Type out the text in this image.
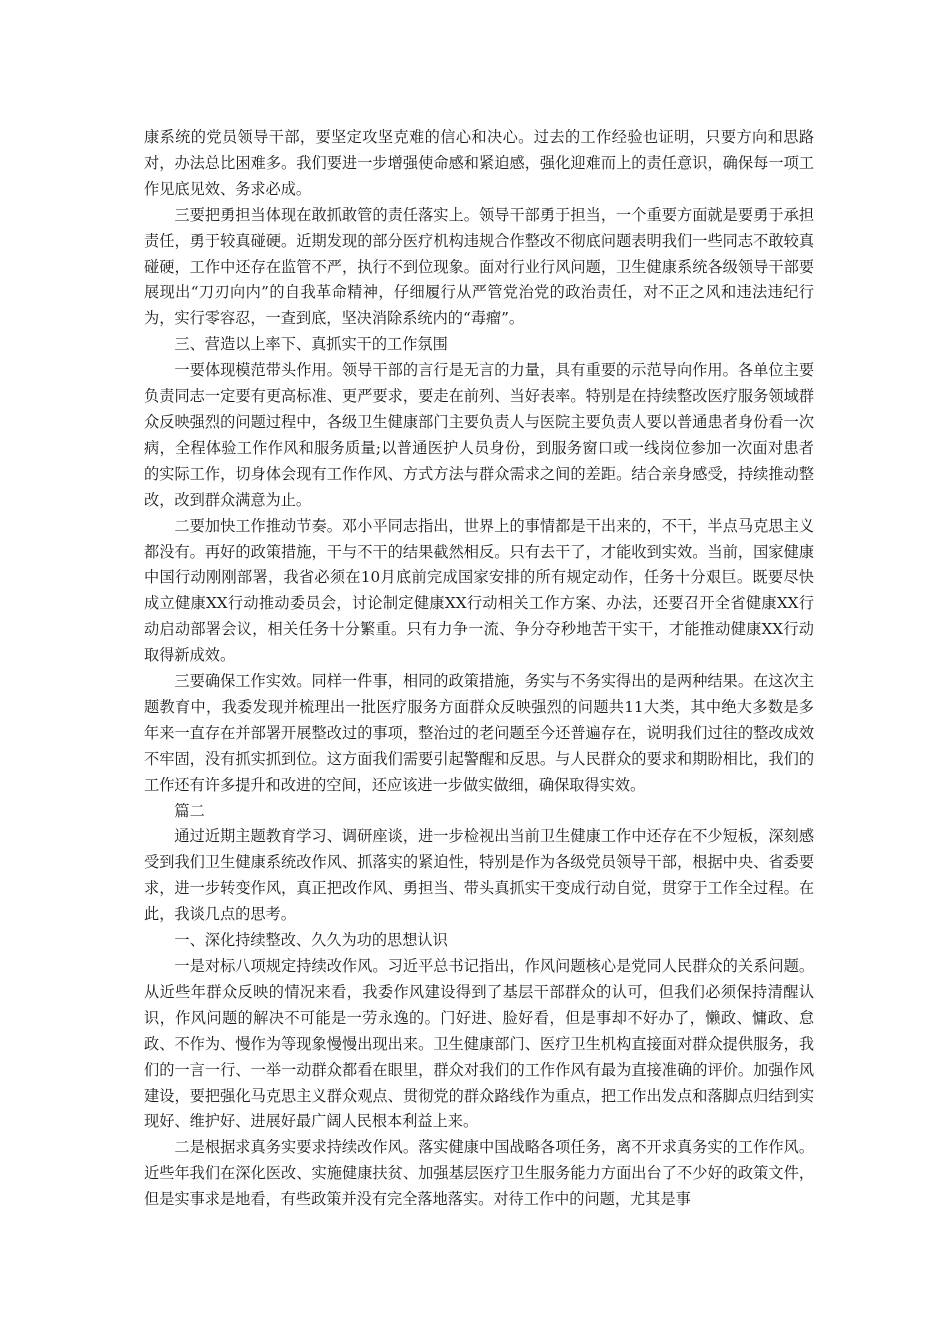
康系统的党员领导干部，要坚定攻坚克难的信心和决心。过去的工作经验也证明，只要方向和思路对，办法总比困难多。我们要进一步增强使命感和紧迫感，强化迎难而上的责任意识，确保每一项工作见底见效、务求必成。

三要把勇担当体现在敢抓敢管的责任落实上。领导干部勇于担当，一个重要方面就是要勇于承担责任，勇于较真碰硬。近期发现的部分医疗机构违规合作整改不彻底问题表明我们一些同志不敢较真碰硬，工作中还存在监管不严，执行不到位现象。面对行业行风问题，卫生健康系统各级领导干部要展现出“刀刃向内”的自我革命精神，仔细履行从严管党治党的政治责任，对不正之风和违法违纪行为，实行零容忍，一查到底，坚决消除系统内的“毒瘤”。

三、营造以上率下、真抓实干的工作氛围

一要体现模范带头作用。领导干部的言行是无言的力量，具有重要的示范导向作用。各单位主要负责同志一定要有更高标准、更严要求，要走在前列、当好表率。特别是在持续整改医疗服务领域群众反映强烈的问题过程中，各级卫生健康部门主要负责人与医院主要负责人要以普通患者身份看一次病，全程体验工作作风和服务质量;以普通医护人员身份，到服务窗口或一线岗位参加一次面对患者的实际工作，切身体会现有工作作风、方式方法与群众需求之间的差距。结合亲身感受，持续推动整改，改到群众满意为止。

二要加快工作推动节奏。邓小平同志指出，世界上的事情都是干出来的，不干，半点马克思主义都没有。再好的政策措施，干与不干的结果截然相反。只有去干了，才能收到实效。当前，国家健康中国行动刚刚部署，我省必须在10月底前完成国家安排的所有规定动作，任务十分艰巨。既要尽快成立健康XX行动推动委员会，讨论制定健康XX行动相关工作方案、办法，还要召开全省健康XX行动启动部署会议，相关任务十分繁重。只有力争一流、争分夺秒地苦干实干，才能推动健康XX行动取得新成效。

三要确保工作实效。同样一件事，相同的政策措施，务实与不务实得出的是两种结果。在这次主题教育中，我委发现并梳理出一批医疗服务方面群众反映强烈的问题共11大类，其中绝大多数是多年来一直存在并部署开展整改过的事项，整治过的老问题至今还普遍存在，说明我们过往的整改成效不牢固，没有抓实抓到位。这方面我们需要引起警醒和反思。与人民群众的要求和期盼相比，我们的工作还有许多提升和改进的空间，还应该进一步做实做细，确保取得实效。

篇二

通过近期主题教育学习、调研座谈，进一步检视出当前卫生健康工作中还存在不少短板，深刻感受到我们卫生健康系统改作风、抓落实的紧迫性，特别是作为各级党员领导干部，根据中央、省委要求，进一步转变作风，真正把改作风、勇担当、带头真抓实干变成行动自觉，贯穿于工作全过程。在此，我谈几点的思考。

一、深化持续整改、久久为功的思想认识

一是对标八项规定持续改作风。习近平总书记指出，作风问题核心是党同人民群众的关系问题。从近些年群众反映的情况来看，我委作风建设得到了基层干部群众的认可，但我们必须保持清醒认识，作风问题的解决不可能是一劳永逸的。门好进、脸好看，但是事却不好办了，懒政、慵政、怠政、不作为、慢作为等现象慢慢出现出来。卫生健康部门、医疗卫生机构直接面对群众提供服务，我们的一言一行、一举一动群众都看在眼里，群众对我们的工作作风有最为直接准确的评价。加强作风建设，要把强化马克思主义群众观点、贯彻党的群众路线作为重点，把工作出发点和落脚点归结到实现好、维护好、进展好最广阔人民根本利益上来。

二是根据求真务实要求持续改作风。落实健康中国战略各项任务，离不开求真务实的工作作风。近些年我们在深化医改、实施健康扶贫、加强基层医疗卫生服务能力方面出台了不少好的政策文件，但是实事求是地看，有些政策并没有完全落地落实。对待工作中的问题，尤其是事
